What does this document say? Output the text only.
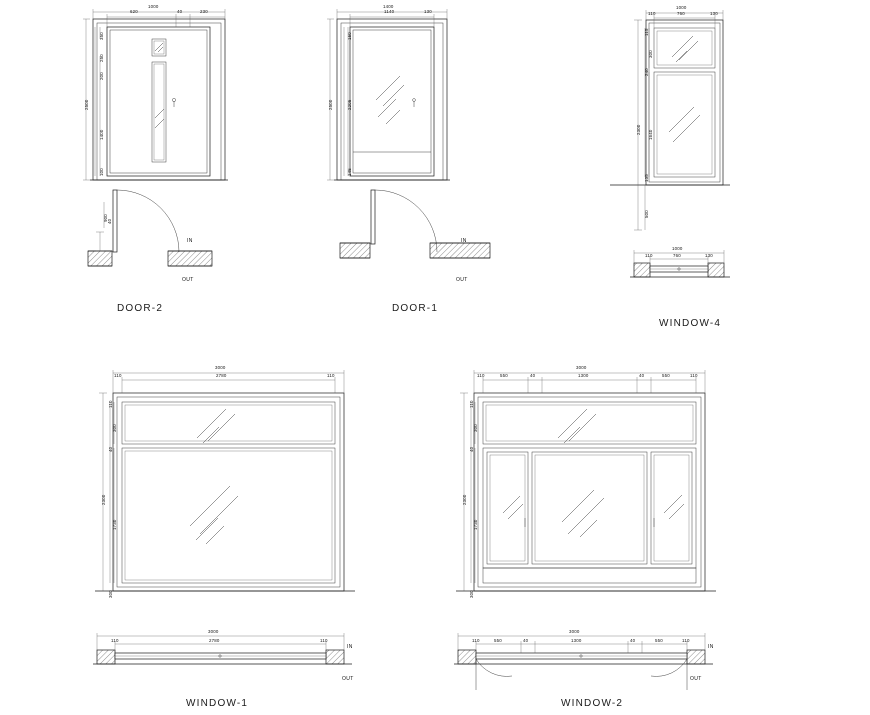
1000
620	40	230
2500
350
250
200
1400
100
900 40
IN
OUT
DOOR-2
1400
1140	130
2500
150
2205
145
IN
OUT
DOOR-1
1000
110	760	130
2300
115
300
240
1640
135
500
1000
110	760	130
WINDOW-4
3000
110	2780	110
2300
110
300
40
1730
300
3000
110	2780	110
IN
OUT
WINDOW-1
3000
110	550	40	1300	40	550	110
2300
110
300
40
1730
300
3000
110	550	40	1300	40	550	110
IN
OUT
WINDOW-2
